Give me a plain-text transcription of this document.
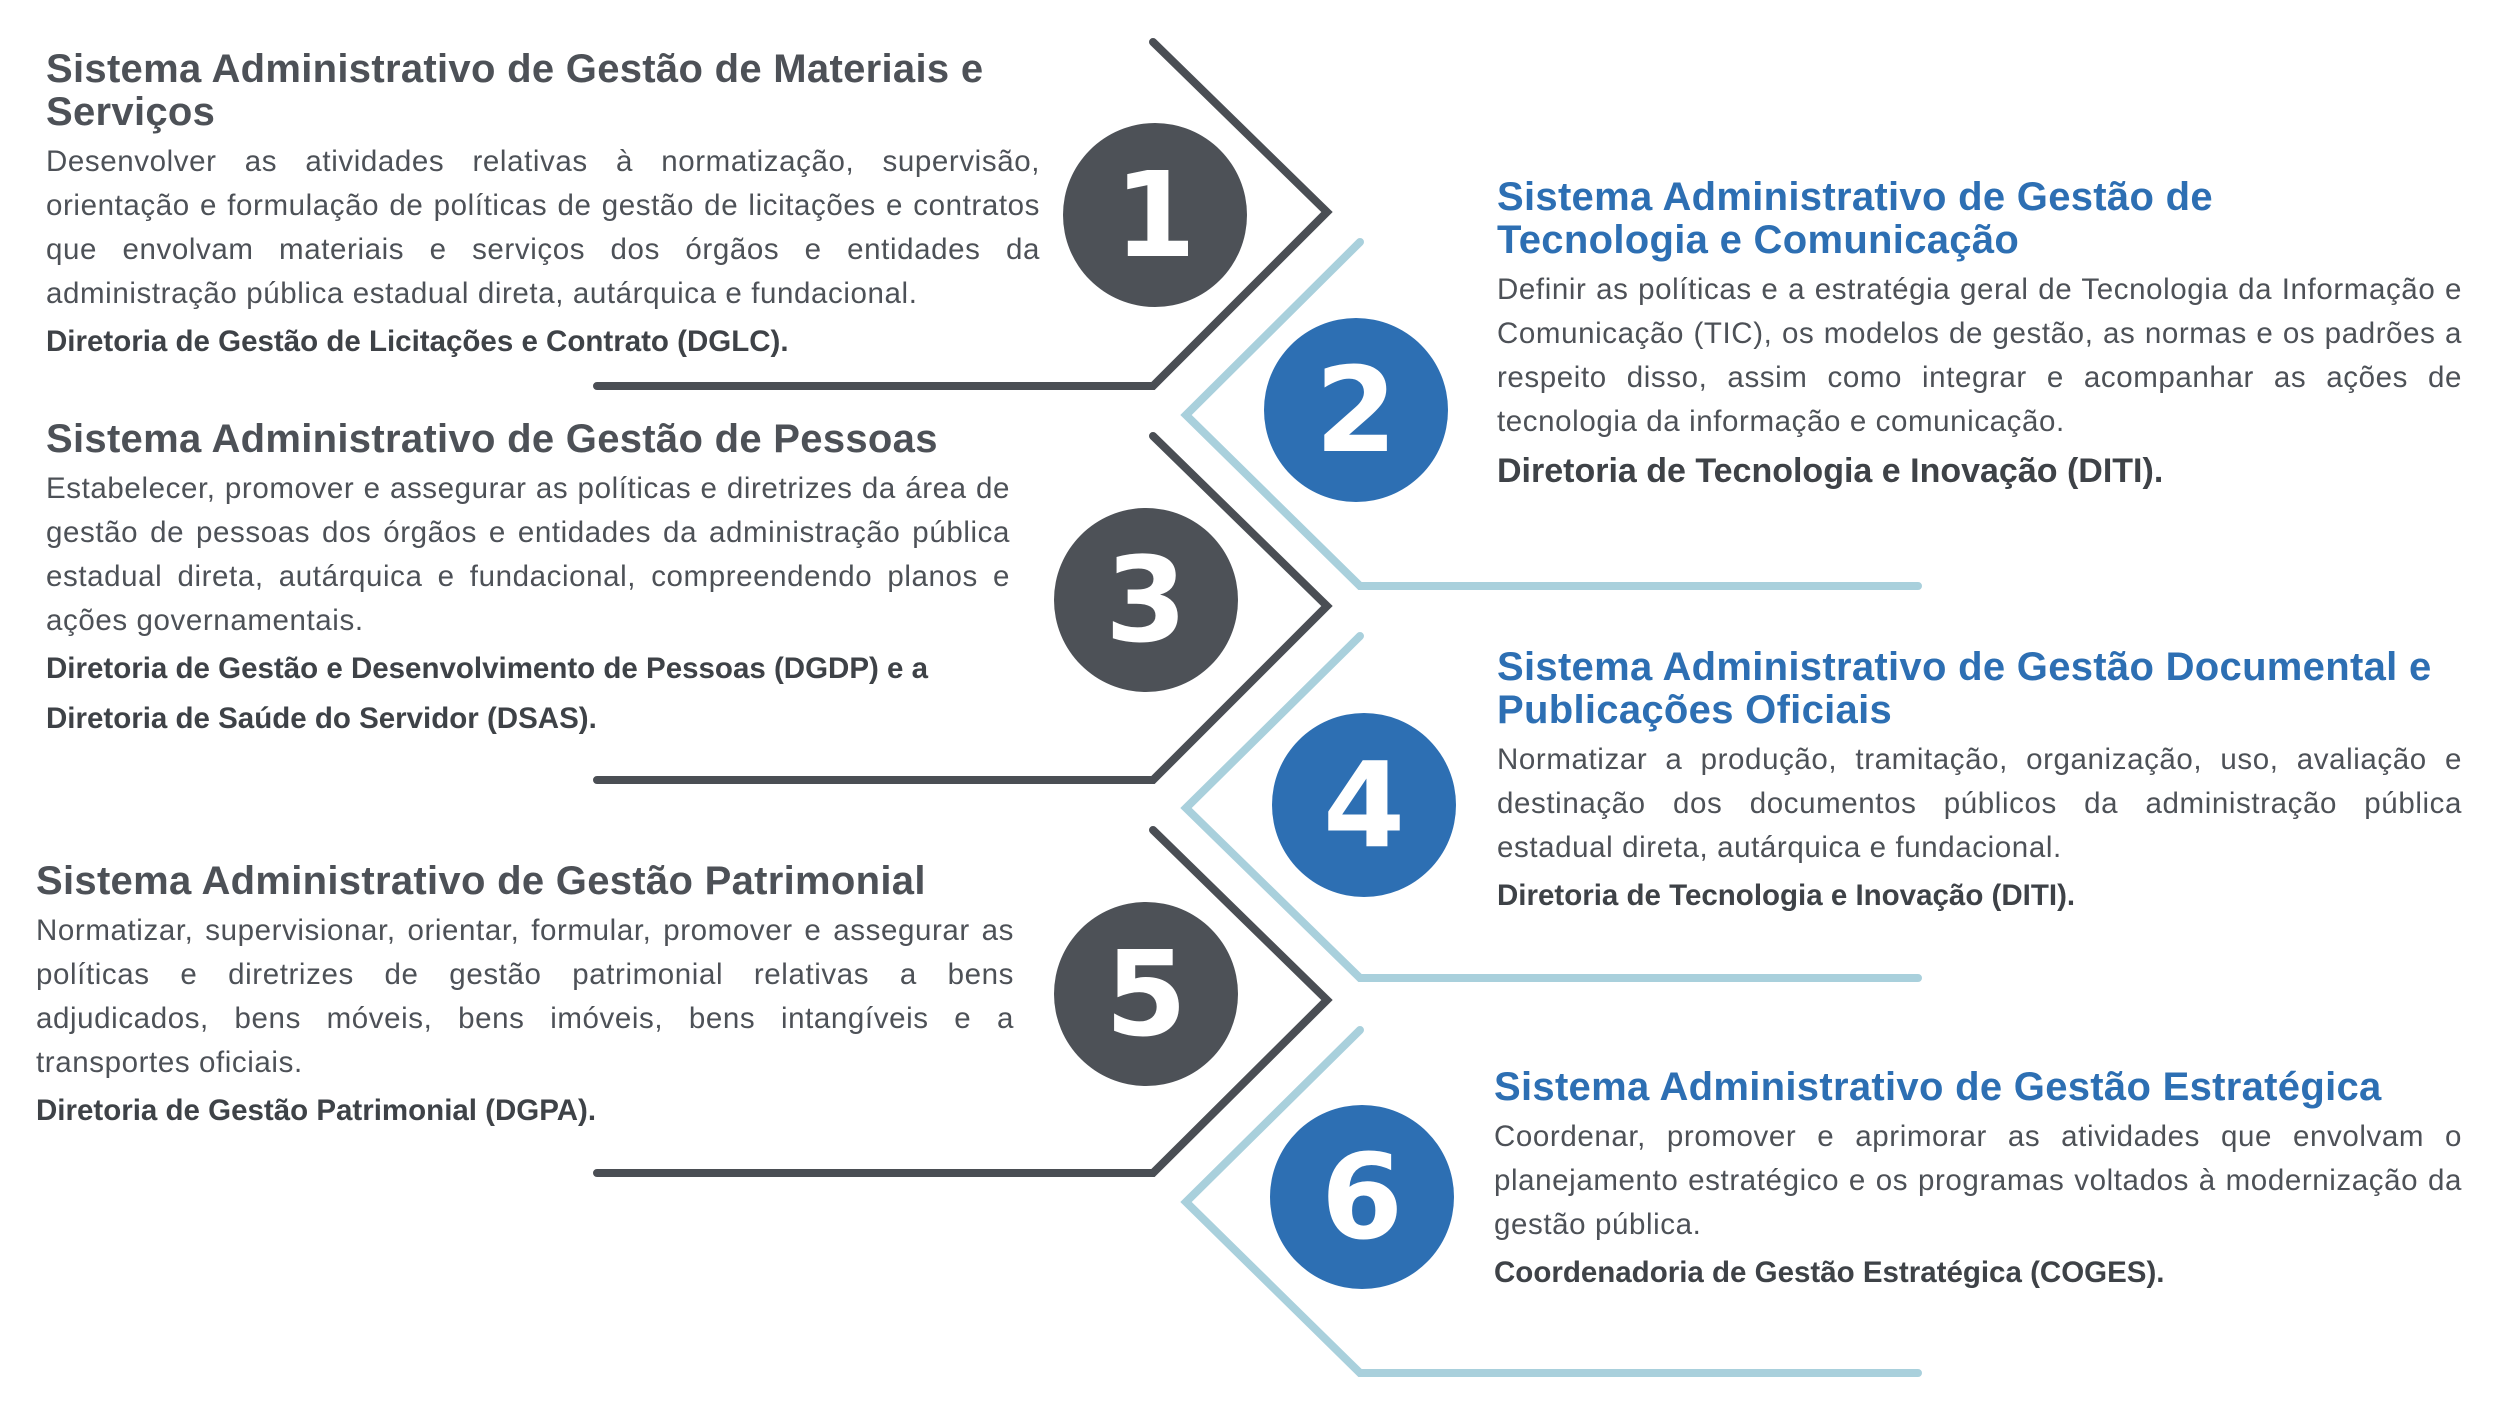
1
2
3
4
5
6
Sistema Administrativo de Gestão de Materiais e Serviços

Desenvolver as atividades relativas à normatização, supervisão, orientação e formulação de políticas de gestão de licitações e contratos que envolvam materiais e serviços dos órgãos e entidades da administração pública estadual direta, autárquica e fundacional.

Diretoria de Gestão de Licitações e Contrato (DGLC).

Sistema Administrativo de Gestão de Pessoas

Estabelecer, promover e assegurar as políticas e diretrizes da área de gestão de pessoas dos órgãos e entidades da administração pública estadual direta, autárquica e fundacional, compreendendo planos e ações governamentais.

Diretoria de Gestão e Desenvolvimento de Pessoas (DGDP) e a

Diretoria de Saúde do Servidor (DSAS).

Sistema Administrativo de Gestão Patrimonial

Normatizar, supervisionar, orientar, formular, promover e assegurar as políticas e diretrizes de gestão patrimonial relativas a bens adjudicados, bens móveis, bens imóveis, bens intangíveis e a transportes oficiais.

Diretoria de Gestão Patrimonial (DGPA).

Sistema Administrativo de Gestão de Tecnologia e Comunicação

Definir as políticas e a estratégia geral de Tecnologia da Informação e Comunicação (TIC), os modelos de gestão, as normas e os padrões a respeito disso, assim como integrar e acompanhar as ações de tecnologia da informação e comunicação.

Diretoria de Tecnologia e Inovação (DITI).

Sistema Administrativo de Gestão Documental e Publicações Oficiais

Normatizar a produção, tramitação, organização, uso, avaliação e destinação dos documentos públicos da administração pública estadual direta, autárquica e fundacional.

Diretoria de Tecnologia e Inovação (DITI).

Sistema Administrativo de Gestão Estratégica

Coordenar, promover e aprimorar as atividades que envolvam o planejamento estratégico e os programas voltados à modernização da gestão pública.

Coordenadoria de Gestão Estratégica (COGES).
